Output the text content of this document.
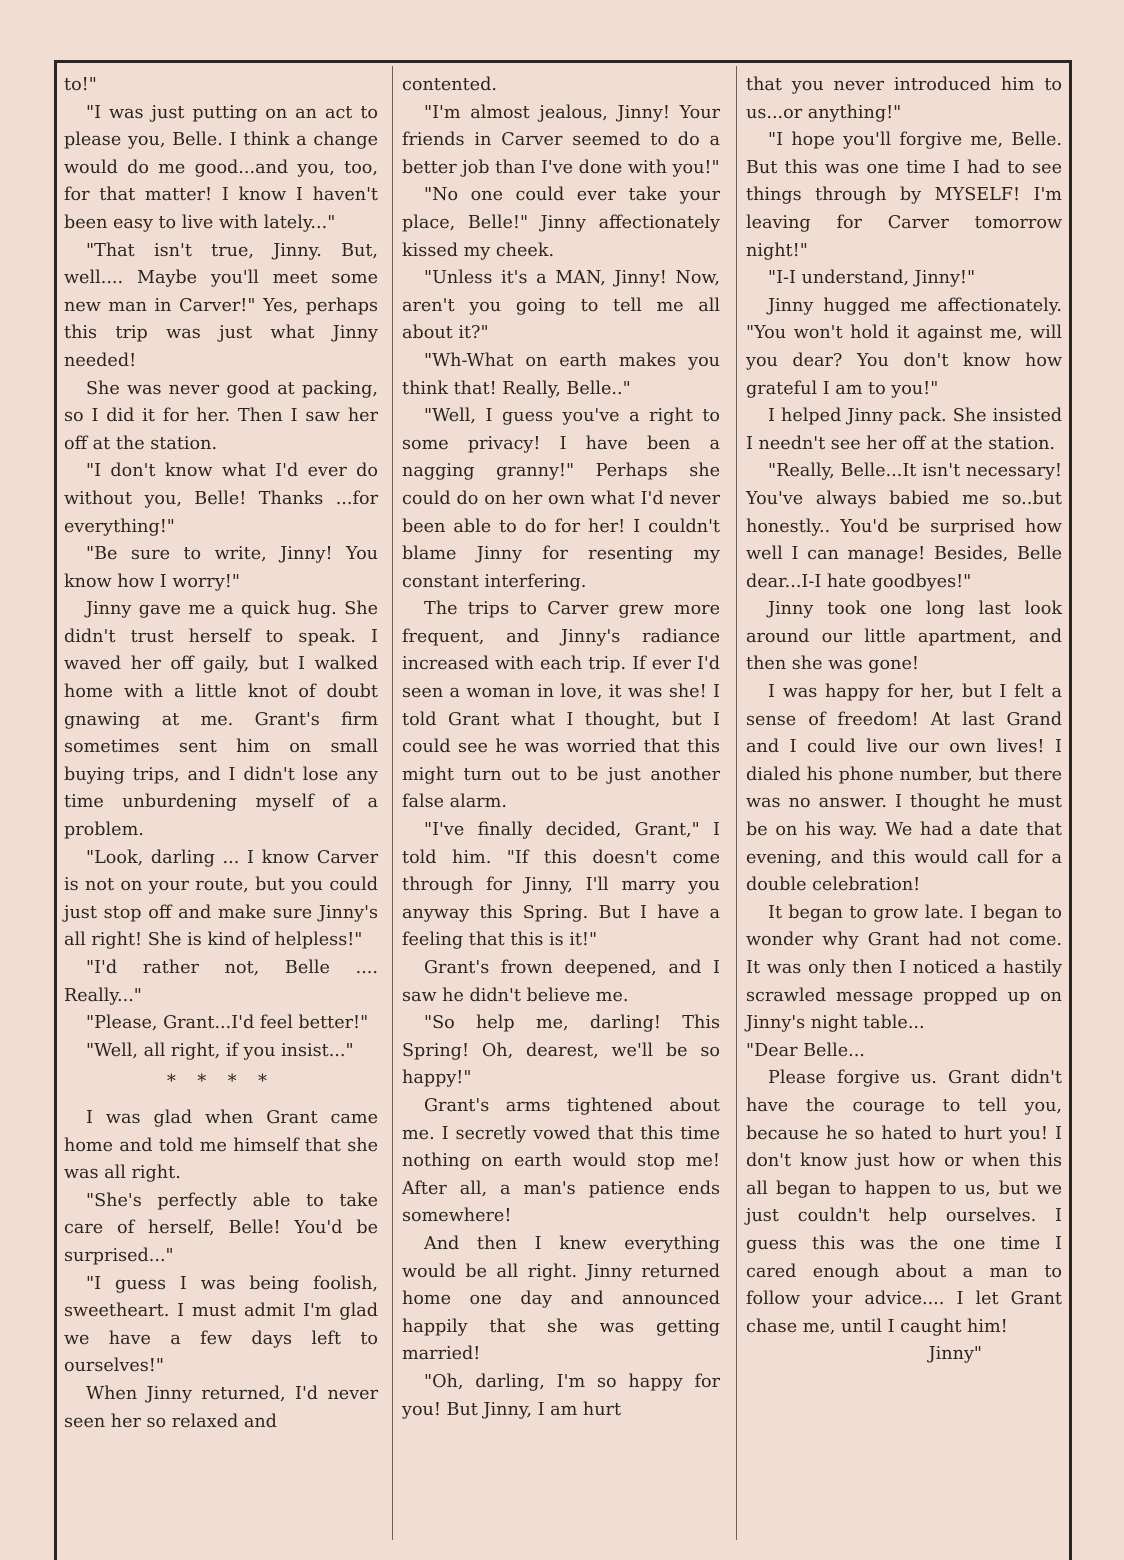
to!"

"I was just putting on an act to please you, Belle. I think a change would do me good...and you, too, for that matter! I know I haven't been easy to live with lately..."

"That isn't true, Jinny. But, well.... Maybe you'll meet some new man in Carver!" Yes, perhaps this trip was just what Jinny needed!

She was never good at packing, so I did it for her. Then I saw her off at the station.

"I don't know what I'd ever do without you, Belle! Thanks ...for everything!"

"Be sure to write, Jinny! You know how I worry!"

Jinny gave me a quick hug. She didn't trust herself to speak. I waved her off gaily, but I walked home with a little knot of doubt gnawing at me. Grant's firm sometimes sent him on small buying trips, and I didn't lose any time unburdening myself of a problem.

"Look, darling ... I know Carver is not on your route, but you could just stop off and make sure Jinny's all right! She is kind of helpless!"

"I'd rather not, Belle .... Really..."

"Please, Grant...I'd feel better!"

"Well, all right, if you insist..."

* * * *

I was glad when Grant came home and told me himself that she was all right.

"She's perfectly able to take care of herself, Belle! You'd be surprised..."

"I guess I was being foolish, sweetheart. I must admit I'm glad we have a few days left to ourselves!"

When Jinny returned, I'd never seen her so relaxed and

contented.

"I'm almost jealous, Jinny! Your friends in Carver seemed to do a better job than I've done with you!"

"No one could ever take your place, Belle!" Jinny affectionately kissed my cheek.

"Unless it's a MAN, Jinny! Now, aren't you going to tell me all about it?"

"Wh-What on earth makes you think that! Really, Belle.."

"Well, I guess you've a right to some privacy! I have been a nagging granny!" Perhaps she could do on her own what I'd never been able to do for her! I couldn't blame Jinny for resenting my constant interfering.

The trips to Carver grew more frequent, and Jinny's radiance increased with each trip. If ever I'd seen a woman in love, it was she! I told Grant what I thought, but I could see he was worried that this might turn out to be just another false alarm.

"I've finally decided, Grant," I told him. "If this doesn't come through for Jinny, I'll marry you anyway this Spring. But I have a feeling that this is it!"

Grant's frown deepened, and I saw he didn't believe me.

"So help me, darling! This Spring! Oh, dearest, we'll be so happy!"

Grant's arms tightened about me. I secretly vowed that this time nothing on earth would stop me! After all, a man's patience ends somewhere!

And then I knew everything would be all right. Jinny returned home one day and announced happily that she was getting married!

"Oh, darling, I'm so happy for you! But Jinny, I am hurt

that you never introduced him to us...or anything!"

"I hope you'll forgive me, Belle. But this was one time I had to see things through by MYSELF! I'm leaving for Carver tomorrow night!"

"I-I understand, Jinny!"

Jinny hugged me affectionately. "You won't hold it against me, will you dear? You don't know how grateful I am to you!"

I helped Jinny pack. She insisted I needn't see her off at the station.

"Really, Belle...It isn't necessary! You've always babied me so..but honestly.. You'd be surprised how well I can manage! Besides, Belle dear...I-I hate goodbyes!"

Jinny took one long last look around our little apartment, and then she was gone!

I was happy for her, but I felt a sense of freedom! At last Grand and I could live our own lives! I dialed his phone number, but there was no answer. I thought he must be on his way. We had a date that evening, and this would call for a double celebration!

It began to grow late. I began to wonder why Grant had not come. It was only then I noticed a hastily scrawled message propped up on Jinny's night table...

"Dear Belle...

Please forgive us. Grant didn't have the courage to tell you, because he so hated to hurt you! I don't know just how or when this all began to happen to us, but we just couldn't help ourselves. I guess this was the one time I cared enough about a man to follow your advice.... I let Grant chase me, until I caught him!

Jinny"
